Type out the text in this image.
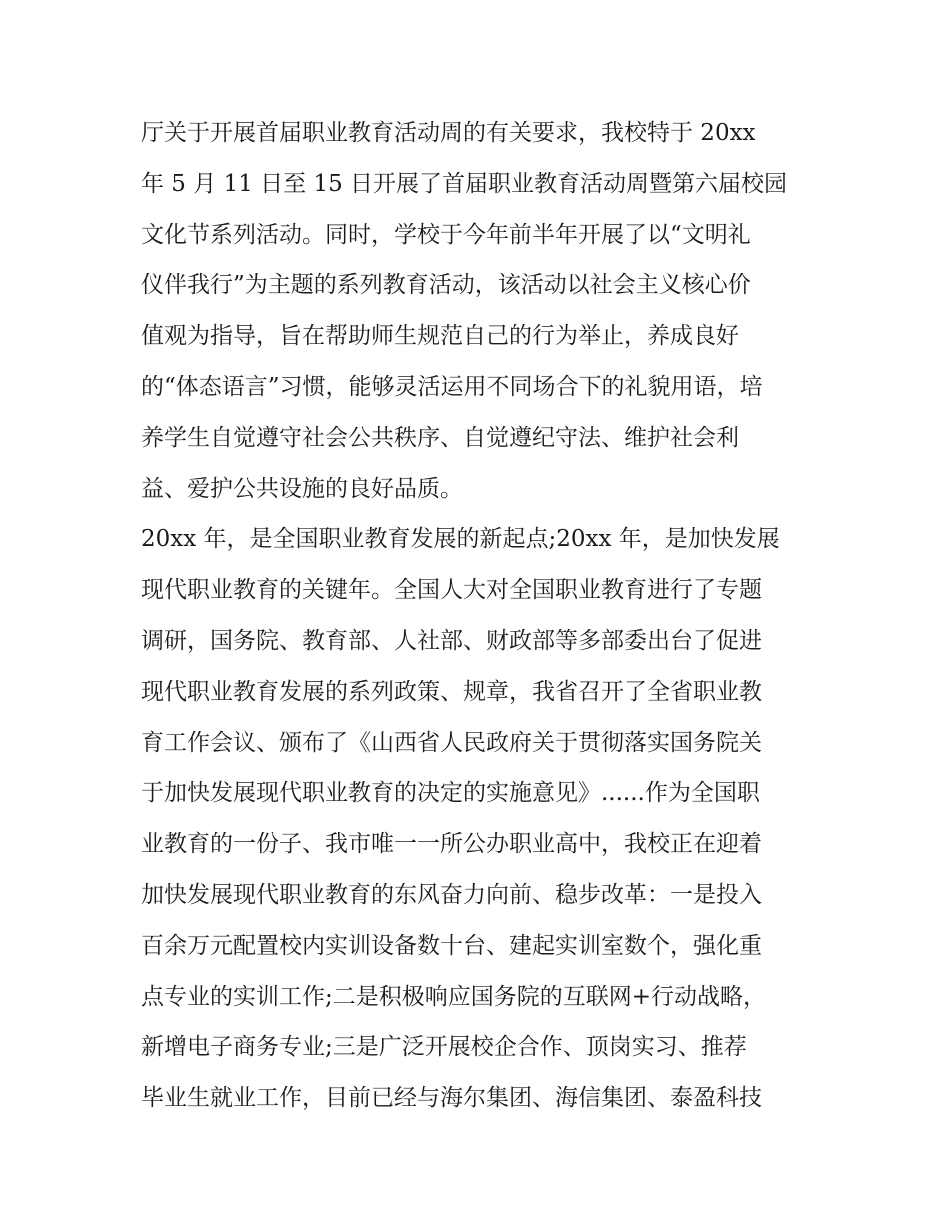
厅关于开展首届职业教育活动周的有关要求，我校特于 20xx
年 5 月 11 日至 15 日开展了首届职业教育活动周暨第六届校园
文化节系列活动。同时，学校于今年前半年开展了以“文明礼
仪伴我行”为主题的系列教育活动，该活动以社会主义核心价
值观为指导，旨在帮助师生规范自己的行为举止，养成良好
的“体态语言”习惯，能够灵活运用不同场合下的礼貌用语，培
养学生自觉遵守社会公共秩序、自觉遵纪守法、维护社会利
益、爱护公共设施的良好品质。
20xx 年，是全国职业教育发展的新起点;20xx 年，是加快发展
现代职业教育的关键年。全国人大对全国职业教育进行了专题
调研，国务院、教育部、人社部、财政部等多部委出台了促进
现代职业教育发展的系列政策、规章，我省召开了全省职业教
育工作会议、颁布了《山西省人民政府关于贯彻落实国务院关
于加快发展现代职业教育的决定的实施意见》......作为全国职
业教育的一份子、我市唯一一所公办职业高中，我校正在迎着
加快发展现代职业教育的东风奋力向前、稳步改革：一是投入
百余万元配置校内实训设备数十台、建起实训室数个，强化重
点专业的实训工作;二是积极响应国务院的互联网+行动战略，
新增电子商务专业;三是广泛开展校企合作、顶岗实习、推荐
毕业生就业工作，目前已经与海尔集团、海信集团、泰盈科技
